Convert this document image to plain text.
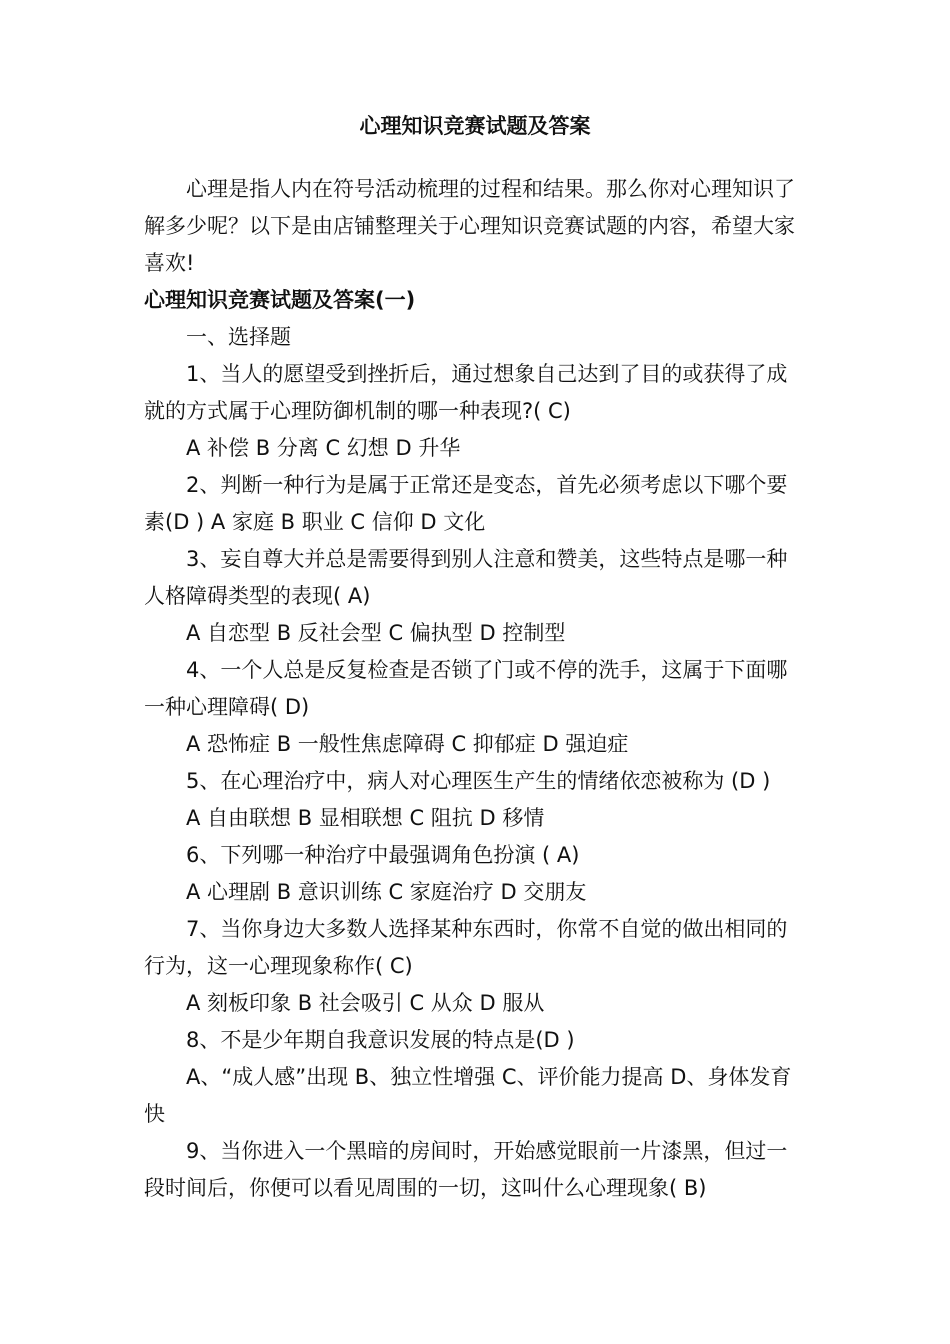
心理知识竞赛试题及答案

心理是指人内在符号活动梳理的过程和结果。那么你对心理知识了解多少呢？以下是由店铺整理关于心理知识竞赛试题的内容，希望大家喜欢!

心理知识竞赛试题及答案(一)

一、选择题

1、当人的愿望受到挫折后，通过想象自己达到了目的或获得了成就的方式属于心理防御机制的哪一种表现?( C)

A 补偿 B 分离 C 幻想 D 升华

2、判断一种行为是属于正常还是变态，首先必须考虑以下哪个要素(D ) A 家庭 B 职业 C 信仰 D 文化

3、妄自尊大并总是需要得到别人注意和赞美，这些特点是哪一种人格障碍类型的表现( A)

A 自恋型 B 反社会型 C 偏执型 D 控制型

4、一个人总是反复检查是否锁了门或不停的洗手，这属于下面哪一种心理障碍( D)

A 恐怖症 B 一般性焦虑障碍 C 抑郁症 D 强迫症

5、在心理治疗中，病人对心理医生产生的情绪依恋被称为 (D )

A 自由联想 B 显相联想 C 阻抗 D 移情

6、下列哪一种治疗中最强调角色扮演 ( A)

A 心理剧 B 意识训练 C 家庭治疗 D 交朋友

7、当你身边大多数人选择某种东西时，你常不自觉的做出相同的行为，这一心理现象称作( C)

A 刻板印象 B 社会吸引 C 从众 D 服从

8、不是少年期自我意识发展的特点是(D )

A、“成人感”出现 B、独立性增强 C、评价能力提高 D、身体发育快

9、当你进入一个黑暗的房间时，开始感觉眼前一片漆黑，但过一段时间后，你便可以看见周围的一切，这叫什么心理现象( B)
